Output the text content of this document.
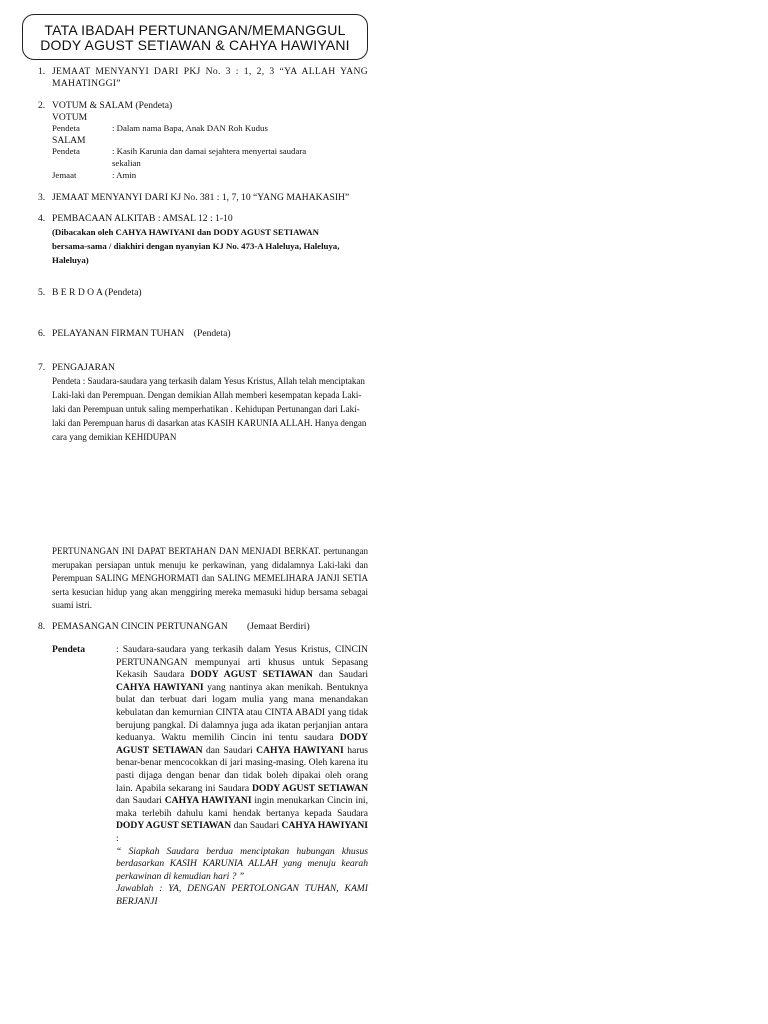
TATA IBADAH PERTUNANGAN/MEMANGGUL
DODY AGUST SETIAWAN & CAHYA HAWIYANI
1. JEMAAT MENYANYI DARI PKJ No. 3 : 1, 2, 3 “YA ALLAH YANG MAHATINGGI”
2. VOTUM & SALAM (Pendeta)
VOTUM
Pendeta	: Dalam nama Bapa, Anak DAN Roh Kudus
SALAM
Pendeta	: Kasih Karunia dan damai sejahtera menyertai saudara sekalian
Jemaat	: Amin
3. JEMAAT MENYANYI DARI KJ No. 381 : 1, 7, 10 “YANG MAHAKASIH”
4. PEMBACAAN ALKITAB : AMSAL 12 : 1-10
(Dibacakan oleh CAHYA HAWIYANI dan DODY AGUST SETIAWAN bersama-sama / diakhiri dengan nyanyian KJ No. 473-A Haleluya, Haleluya, Haleluya)
5. B E R D O A (Pendeta)
6. PELAYANAN FIRMAN TUHAN    (Pendeta)
7. PENGAJARAN
Pendeta : Saudara-saudara yang terkasih dalam Yesus Kristus, Allah telah menciptakan Laki-laki dan Perempuan. Dengan demikian Allah memberi kesempatan kepada Laki-laki dan Perempuan untuk saling memperhatikan . Kehidupan Pertunangan dari Laki-laki dan Perempuan harus di dasarkan atas KASIH KARUNIA ALLAH. Hanya dengan cara yang demikian KEHIDUPAN
PERTUNANGAN INI DAPAT BERTAHAN DAN MENJADI BERKAT. pertunangan merupakan persiapan untuk menuju ke perkawinan, yang didalamnya Laki-laki dan Perempuan SALING MENGHORMATI dan SALING MEMELIHARA JANJI SETIA serta kesucian hidup yang akan menggiring mereka memasuki hidup bersama sebagai suami istri.
8. PEMASANGAN CINCIN PERTUNANGAN        (Jemaat Berdiri)
Pendeta	: Saudara-saudara yang terkasih dalam Yesus Kristus, CINCIN PERTUNANGAN mempunyai arti khusus untuk Sepasang Kekasih Saudara DODY AGUST SETIAWAN dan Saudari CAHYA HAWIYANI yang nantinya akan menikah. Bentuknya bulat dan terbuat dari logam mulia yang mana menandakan kebulatan dan kemurnian CINTA atau CINTA ABADI yang tidak berujung pangkal. Di dalamnya juga ada ikatan perjanjian antara keduanya. Waktu memilih Cincin ini tentu saudara DODY AGUST SETIAWAN dan Saudari CAHYA HAWIYANI harus benar-benar mencocokkan di jari masing-masing. Oleh karena itu pasti dijaga dengan benar dan tidak boleh dipakai oleh orang lain. Apabila sekarang ini Saudara DODY AGUST SETIAWAN dan Saudari CAHYA HAWIYANI ingin menukarkan Cincin ini, maka terlebih dahulu kami hendak bertanya kepada Saudara DODY AGUST SETIAWAN dan Saudari CAHYA HAWIYANI :

“ Siapkah Saudara berdua menciptakan hubungan khusus berdasarkan KASIH KARUNIA ALLAH yang menuju kearah perkawinan di kemudian hari ? ”

Jawablah : YA, DENGAN PERTOLONGAN TUHAN, KAMI BERJANJI
